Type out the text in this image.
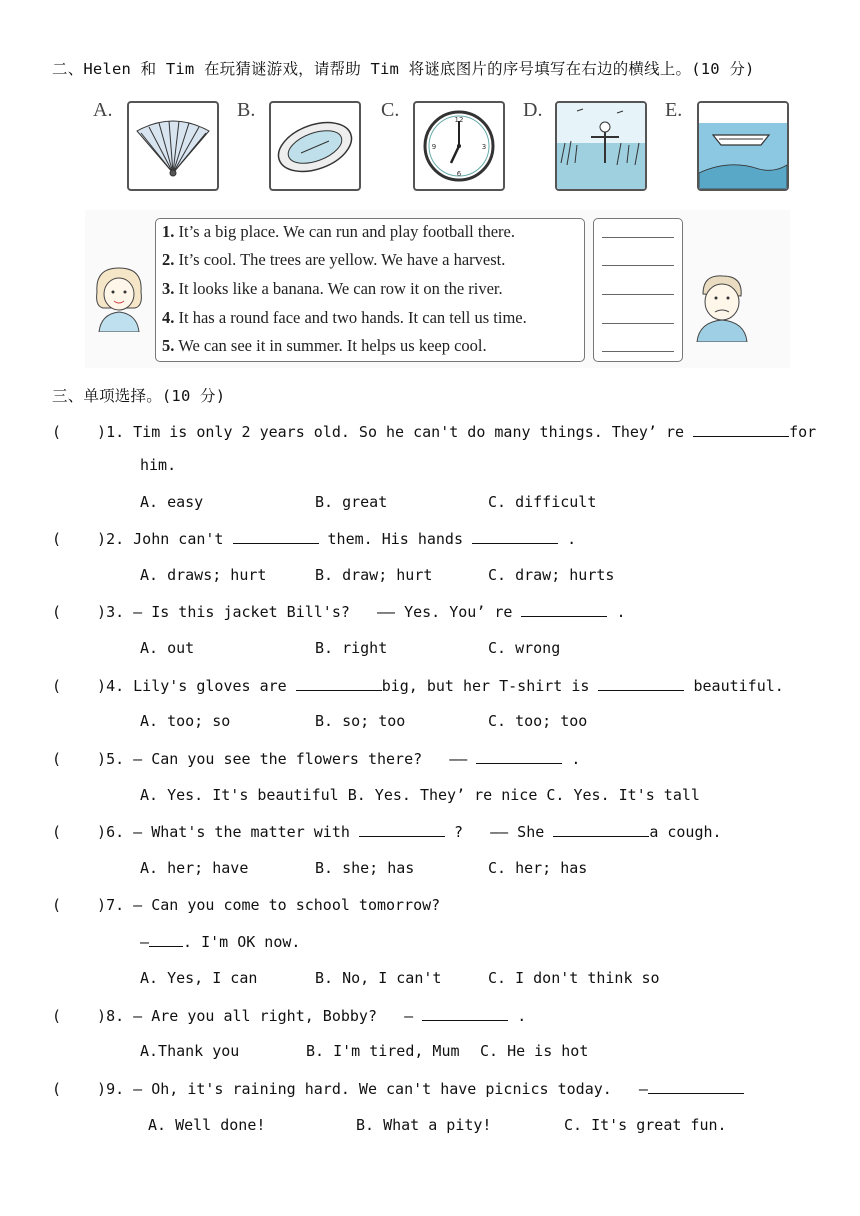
二、Helen 和 Tim 在玩猜谜游戏，请帮助 Tim 将谜底图片的序号填写在右边的横线上。(10 分)
A.	B.	C.	12
3
6
9
D.	E.
1. It’s a big place. We can run and play football there.
2. It’s cool. The trees are yellow. We have a harvest.
3. It looks like a banana. We can row it on the river.
4. It has a round face and two hands. It can tell us time.
5. We can see it in summer. It helps us keep cool.
三、单项选择。(10 分)
( )1. Tim is only 2 years old. So he can't do many things. They’ re	for
him.
A. easy	B. great	C. difficult
( )2. John can't	them. His hands	.
A. draws; hurt	B. draw; hurt	C. draw; hurts
( )3. — Is this jacket Bill's?   —— Yes. You’ re	.
A. out	B. right	C. wrong
( )4. Lily's gloves are	big, but her T-shirt is	beautiful.
A. too; so	B. so; too	C. too; too
( )5. — Can you see the flowers there?   ——	.
A. Yes. It's beautiful B. Yes. They’ re nice C. Yes. It's tall
( )6. — What's the matter with	?   —— She	a cough.
A. her; have	B. she; has	C. her; has
( )7. — Can you come to school tomorrow?
— . I'm OK now.
A. Yes, I can	B. No, I can't	C. I don't think so
( )8. — Are you all right, Bobby?   —	.
A.Thank you	B. I'm tired, Mum C. He is hot
( )9. — Oh, it's raining hard. We can't have picnics today.   —
A. Well done!	B. What a pity!	C. It's great fun.
